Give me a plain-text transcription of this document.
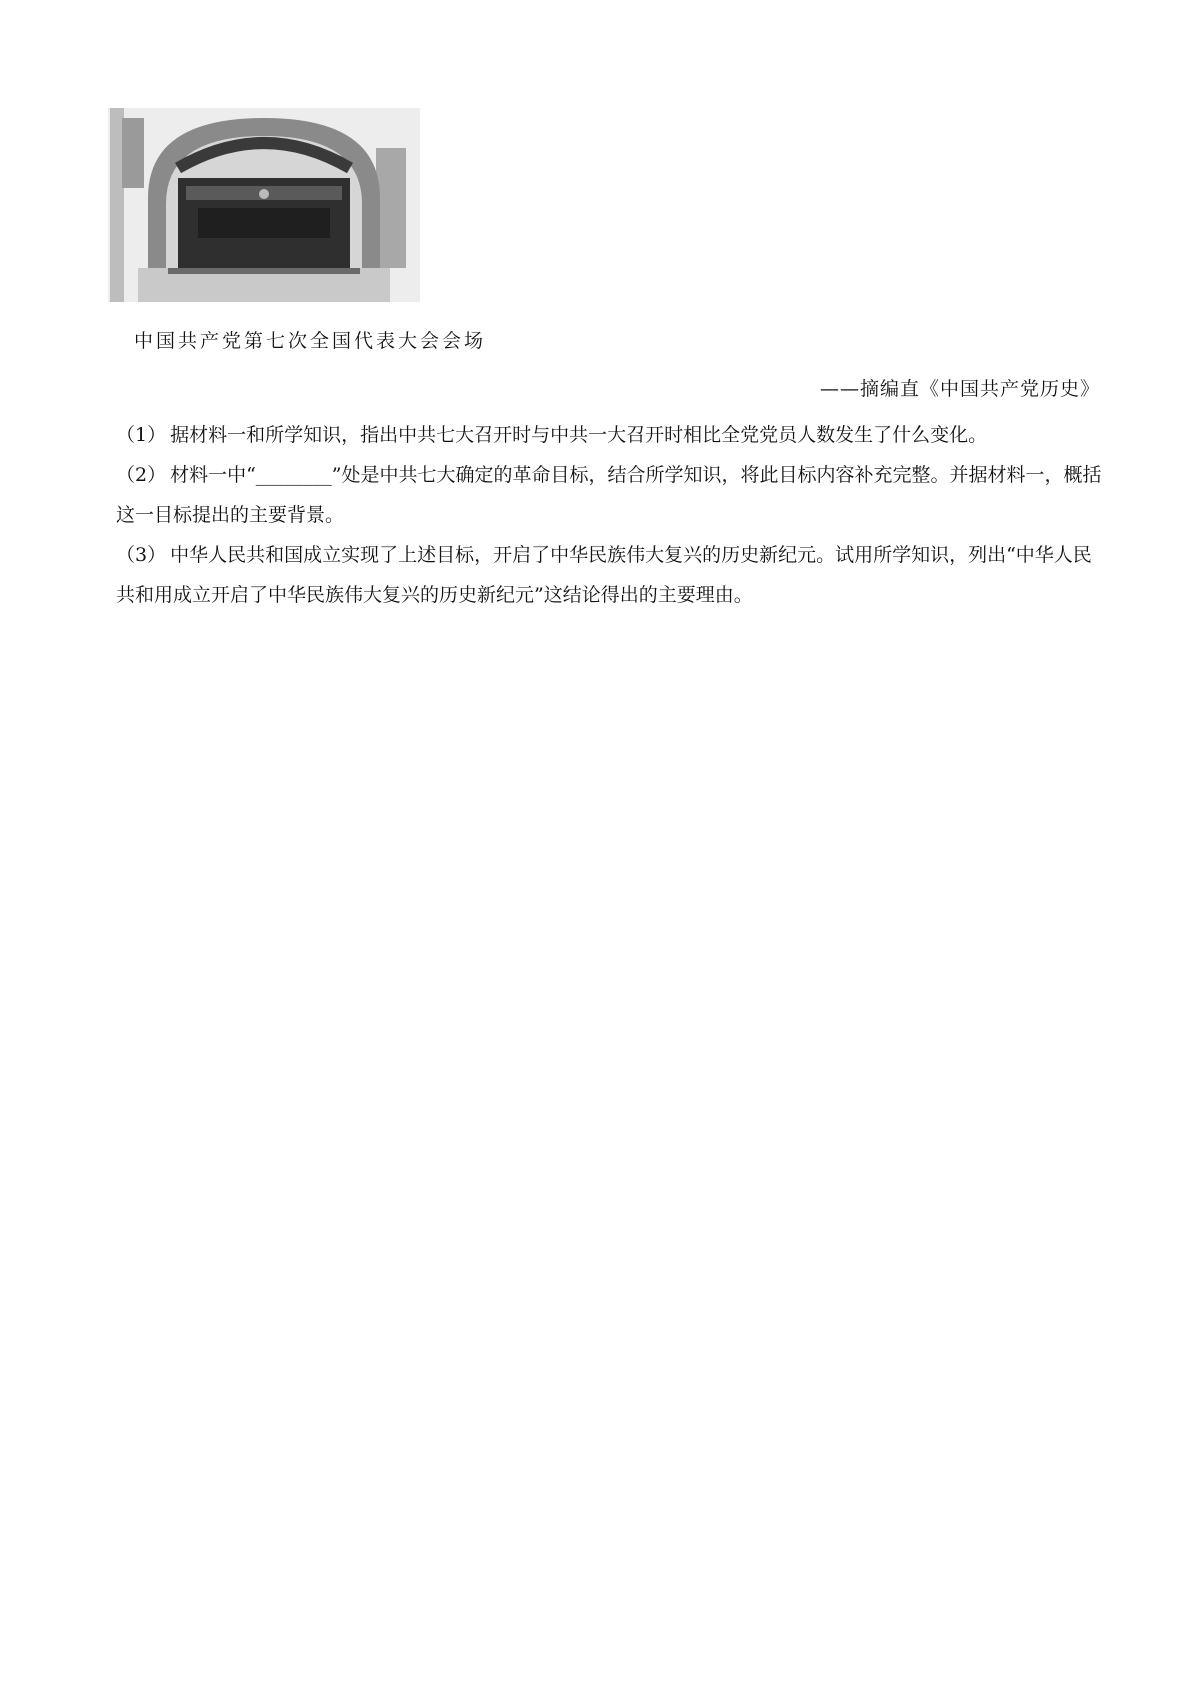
中国共产党第七次全国代表大会会场
——摘编直《中国共产党历史》

（1） 据材料一和所学知识，指出中共七大召开时与中共一大召开时相比全党党员人数发生了什么变化。

（2） 材料一中“________”处是中共七大确定的革命目标，结合所学知识，将此目标内容补充完整。并据材料一，概括这一目标提出的主要背景。

（3） 中华人民共和国成立实现了上述目标，开启了中华民族伟大复兴的历史新纪元。试用所学知识，列出“中华人民共和用成立开启了中华民族伟大复兴的历史新纪元”这结论得出的主要理由。
